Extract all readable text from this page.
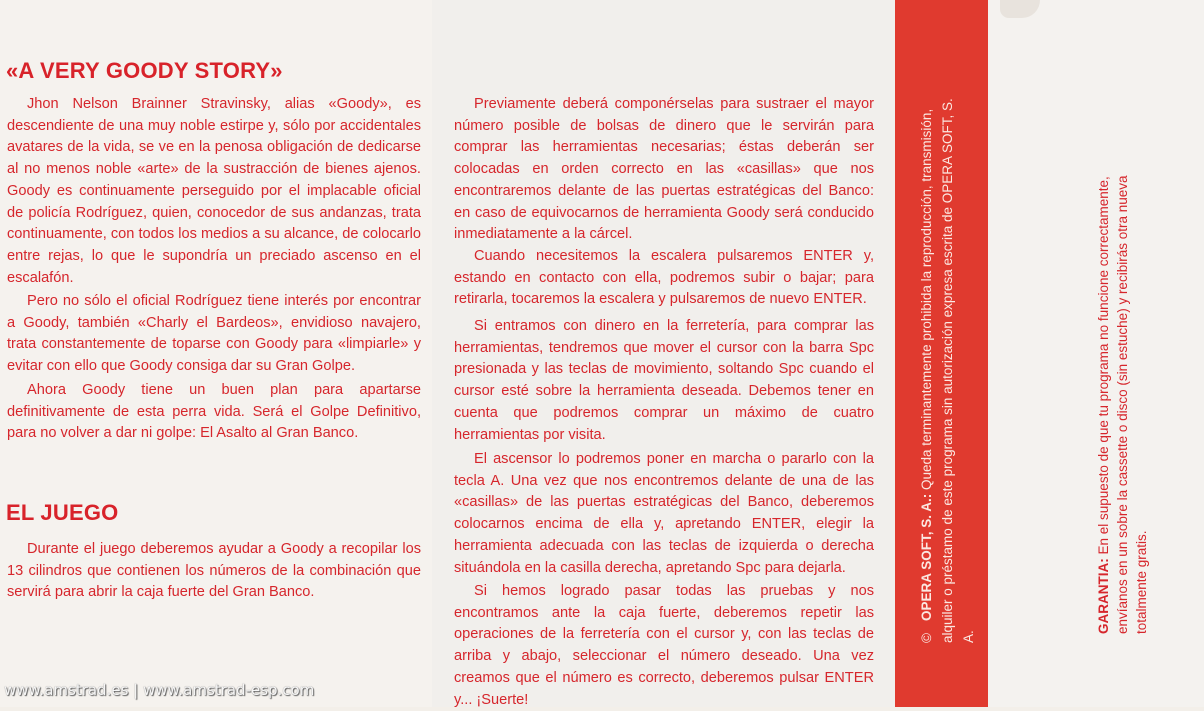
«A VERY GOODY STORY»

Jhon Nelson Brainner Stravinsky, alias «Goody», es descendiente de una muy noble estirpe y, sólo por accidentales avatares de la vida, se ve en la penosa obligación de dedicarse al no menos noble «arte» de la sustracción de bienes ajenos. Goody es continuamente perseguido por el implacable oficial de policía Rodríguez, quien, conocedor de sus andanzas, trata continuamente, con todos los medios a su alcance, de colocarlo entre rejas, lo que le supondría un preciado ascenso en el escalafón.

Pero no sólo el oficial Rodríguez tiene interés por encontrar a Goody, también «Charly el Bardeos», envidioso navajero, trata constantemente de toparse con Goody para «limpiarle» y evitar con ello que Goody consiga dar su Gran Golpe.

Ahora Goody tiene un buen plan para apartarse definitivamente de esta perra vida. Será el Golpe Definitivo, para no volver a dar ni golpe: El Asalto al Gran Banco.

EL JUEGO

Durante el juego deberemos ayudar a Goody a recopilar los 13 cilindros que contienen los números de la combinación que servirá para abrir la caja fuerte del Gran Banco.

Previamente deberá componérselas para sustraer el mayor número posible de bolsas de dinero que le servirán para comprar las herramientas necesarias; éstas deberán ser colocadas en orden correcto en las «casillas» que nos encontraremos delante de las puertas estratégicas del Banco: en caso de equivocarnos de herramienta Goody será conducido inmediatamente a la cárcel.

Cuando necesitemos la escalera pulsaremos ENTER y, estando en contacto con ella, podremos subir o bajar; para retirarla, tocaremos la escalera y pulsaremos de nuevo ENTER.

Si entramos con dinero en la ferretería, para comprar las herramientas, tendremos que mover el cursor con la barra Spc presionada y las teclas de movimiento, soltando Spc cuando el cursor esté sobre la herramienta deseada. Debemos tener en cuenta que podremos comprar un máximo de cuatro herramientas por visita.

El ascensor lo podremos poner en marcha o pararlo con la tecla A. Una vez que nos encontremos delante de una de las «casillas» de las puertas estratégicas del Banco, deberemos colocarnos encima de ella y, apretando ENTER, elegir la herramienta adecuada con las teclas de izquierda o derecha situándola en la casilla derecha, apretando Spc para dejarla.

Si hemos logrado pasar todas las pruebas y nos encontramos ante la caja fuerte, deberemos repetir las operaciones de la ferretería con el cursor y, con las teclas de arriba y abajo, seleccionar el número deseado. Una vez creamos que el número es correcto, deberemos pulsar ENTER y... ¡Suerte!

©OPERA SOFT, S. A.: Queda terminantemente prohibida la reproducción, transmisión, alquiler o préstamo de este programa sin autorización expresa escrita de OPERA SOFT, S. A.
GARANTIA: En el supuesto de que tu programa no funcione correctamente, envíanos en un sobre la cassette o disco (sin estuche) y recibirás otra nueva totalmente gratis.
www.amstrad.es | www.amstrad-esp.com
